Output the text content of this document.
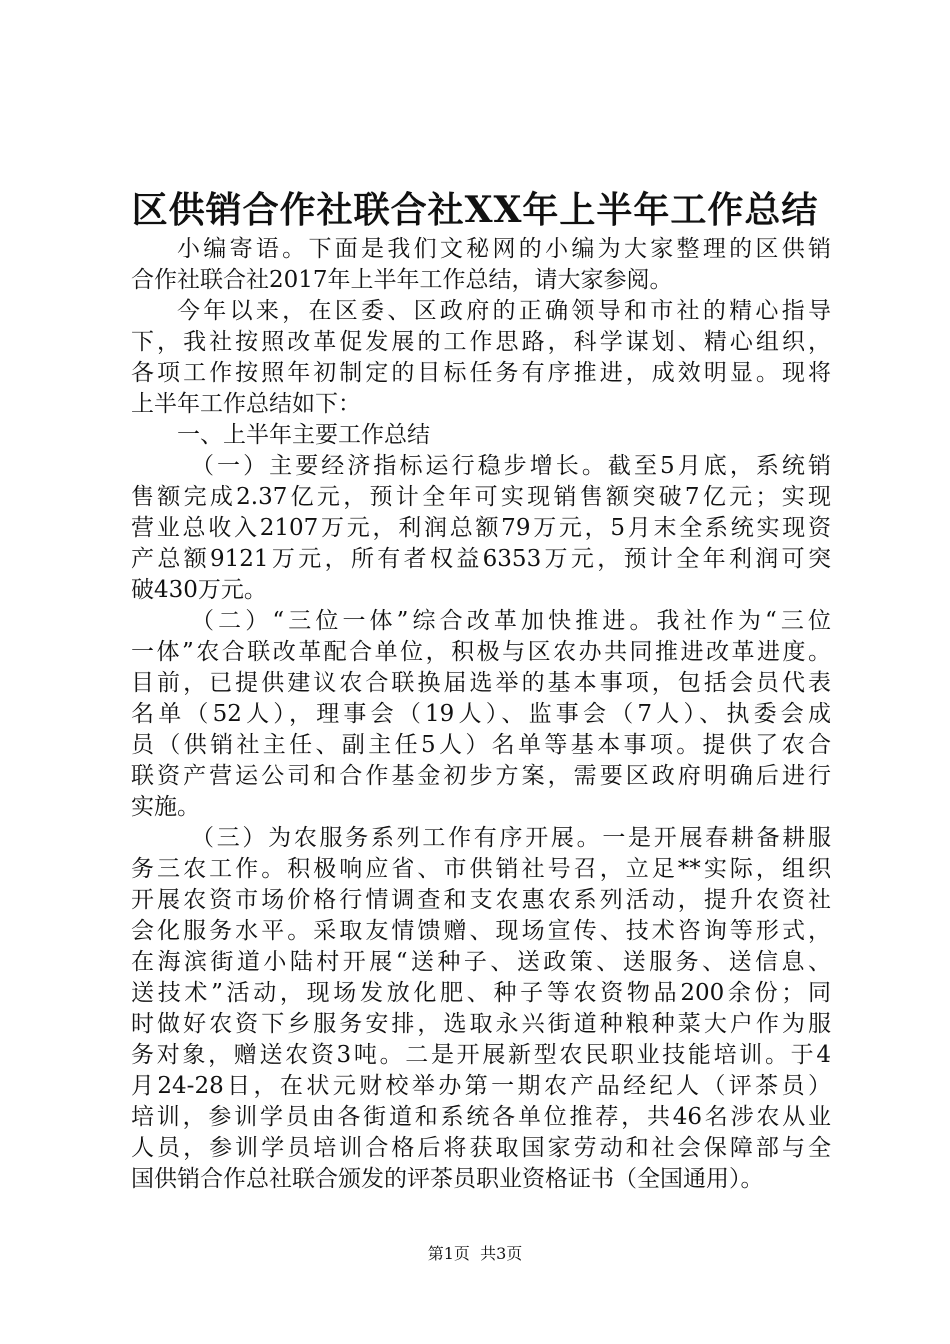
区供销合作社联合社XX年上半年工作总结
小编寄语。下面是我们文秘网的小编为大家整理的区供销
合作社联合社2017年上半年工作总结，请大家参阅。
今年以来，在区委、区政府的正确领导和市社的精心指导
下，我社按照改革促发展的工作思路，科学谋划、精心组织，
各项工作按照年初制定的目标任务有序推进，成效明显。现将
上半年工作总结如下：
一、上半年主要工作总结
（一）主要经济指标运行稳步增长。截至5月底，系统销
售额完成2.37亿元，预计全年可实现销售额突破7亿元；实现
营业总收入2107万元，利润总额79万元，5月末全系统实现资
产总额9121万元，所有者权益6353万元，预计全年利润可突
破430万元。
（二）“三位一体”综合改革加快推进。我社作为“三位
一体”农合联改革配合单位，积极与区农办共同推进改革进度。
目前，已提供建议农合联换届选举的基本事项，包括会员代表
名单（52人），理事会（19人）、监事会（7人）、执委会成
员（供销社主任、副主任5人）名单等基本事项。提供了农合
联资产营运公司和合作基金初步方案，需要区政府明确后进行
实施。
（三）为农服务系列工作有序开展。一是开展春耕备耕服
务三农工作。积极响应省、市供销社号召，立足**实际，组织
开展农资市场价格行情调查和支农惠农系列活动，提升农资社
会化服务水平。采取友情馈赠、现场宣传、技术咨询等形式，
在海滨街道小陆村开展“送种子、送政策、送服务、送信息、
送技术”活动，现场发放化肥、种子等农资物品200余份；同
时做好农资下乡服务安排，选取永兴街道种粮种菜大户作为服
务对象，赠送农资3吨。二是开展新型农民职业技能培训。于4
月24-28日，在状元财校举办第一期农产品经纪人（评茶员）
培训，参训学员由各街道和系统各单位推荐，共46名涉农从业
人员，参训学员培训合格后将获取国家劳动和社会保障部与全
国供销合作总社联合颁发的评茶员职业资格证书（全国通用）。
第1页  共3页
